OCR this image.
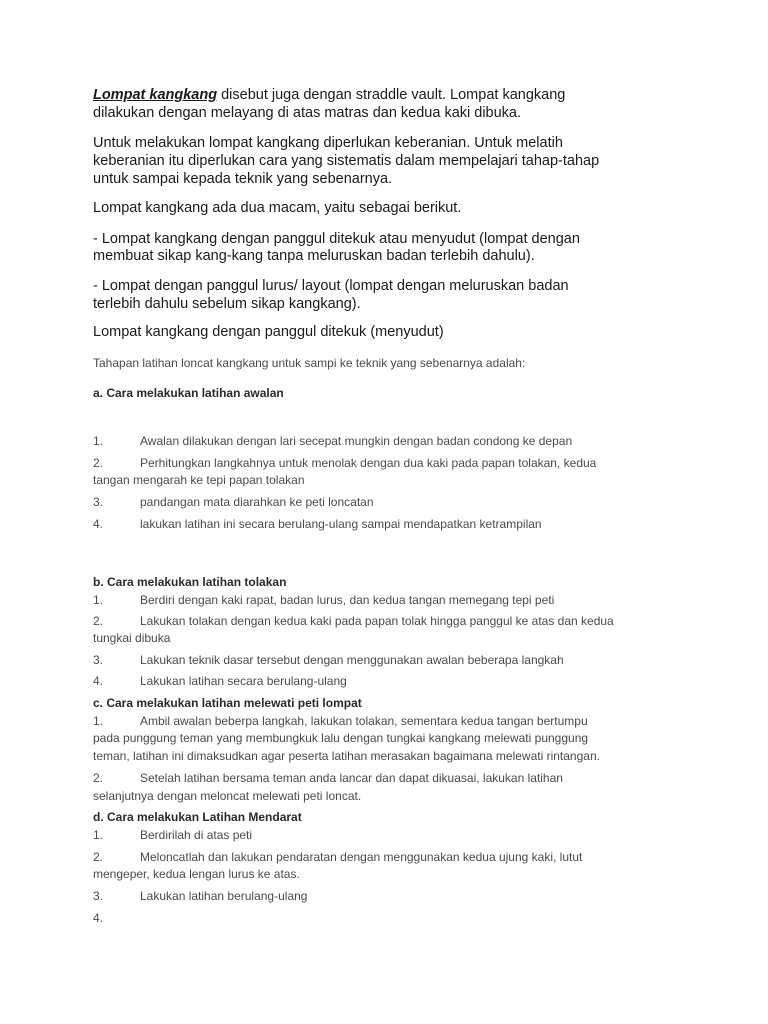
Lompat kangkang disebut juga dengan straddle vault. Lompat kangkang
dilakukan dengan melayang di atas matras dan kedua kaki dibuka.
Untuk melakukan lompat kangkang diperlukan keberanian. Untuk melatih
keberanian itu diperlukan cara yang sistematis dalam mempelajari tahap-tahap
untuk sampai kepada teknik yang sebenarnya.
Lompat kangkang ada dua macam, yaitu sebagai berikut.
- Lompat kangkang dengan panggul ditekuk atau menyudut (lompat dengan
membuat sikap kang-kang tanpa meluruskan badan terlebih dahulu).
- Lompat dengan panggul lurus/ layout (lompat dengan meluruskan badan
terlebih dahulu sebelum sikap kangkang).
Lompat kangkang dengan panggul ditekuk (menyudut)
Tahapan latihan loncat kangkang untuk sampi ke teknik yang sebenarnya adalah:
a. Cara melakukan latihan awalan
1.	Awalan dilakukan dengan lari secepat mungkin dengan badan condong ke depan
2.	Perhitungkan langkahnya untuk menolak dengan dua kaki pada papan tolakan, kedua
tangan mengarah ke tepi papan tolakan
3.	pandangan mata diarahkan ke peti loncatan
4.	lakukan latihan ini secara berulang-ulang sampai mendapatkan ketrampilan
b. Cara melakukan latihan tolakan
1.	Berdiri dengan kaki rapat, badan lurus, dan kedua tangan memegang tepi peti
2.	Lakukan tolakan dengan kedua kaki pada papan tolak hingga panggul ke atas dan kedua
tungkai dibuka
3.	Lakukan teknik dasar tersebut dengan menggunakan awalan beberapa langkah
4.	Lakukan latihan secara berulang-ulang
c. Cara melakukan latihan melewati peti lompat
1.	Ambil awalan beberpa langkah, lakukan tolakan, sementara kedua tangan bertumpu
pada punggung teman yang membungkuk lalu dengan tungkai kangkang melewati punggung
teman, latihan ini dimaksudkan agar peserta latihan merasakan bagaimana melewati rintangan.
2.	Setelah latihan bersama teman anda lancar dan dapat dikuasai, lakukan latihan
selanjutnya dengan meloncat melewati peti loncat.
d. Cara melakukan Latihan Mendarat
1.	Berdirilah di atas peti
2.	Meloncatlah dan lakukan pendaratan dengan menggunakan kedua ujung kaki, lutut
mengeper, kedua lengan lurus ke atas.
3.	Lakukan latihan berulang-ulang
4.
